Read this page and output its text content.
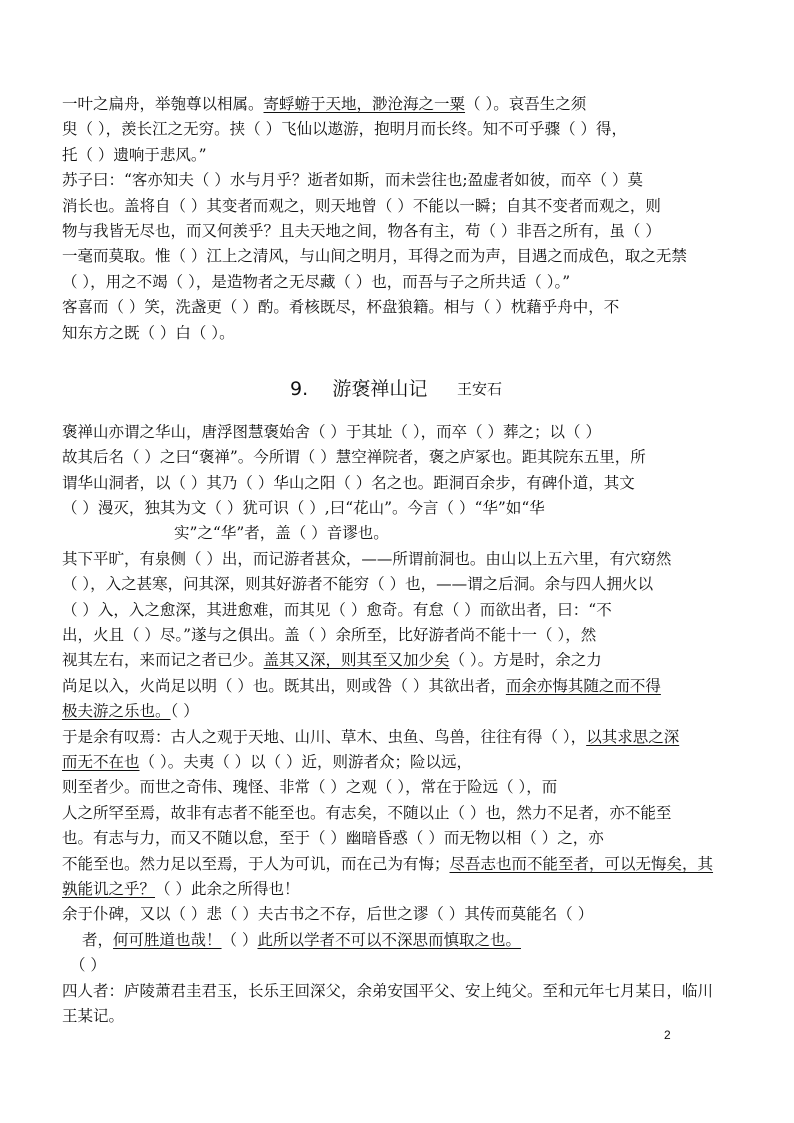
一叶之扁舟，举匏尊以相属。寄蜉蝣于天地，渺沧海之一粟（ ）。哀吾生之须
臾（ ），羡长江之无穷。挟（ ）飞仙以遨游，抱明月而长终。知不可乎骤（ ）得，
托（ ）遗响于悲风。”
苏子曰：“客亦知夫（ ）水与月乎？逝者如斯，而未尝往也;盈虚者如彼，而卒（ ）莫
消长也。盖将自（ ）其变者而观之，则天地曾（ ）不能以一瞬；自其不变者而观之，则
物与我皆无尽也，而又何羡乎？且夫天地之间，物各有主，苟（ ）非吾之所有，虽（ ）
一毫而莫取。惟（ ）江上之清风，与山间之明月，耳得之而为声，目遇之而成色，取之无禁
（ ），用之不竭（ ），是造物者之无尽藏（ ）也，而吾与子之所共适（ ）。”
客喜而（ ）笑，洗盏更（ ）酌。肴核既尽，杯盘狼籍。相与（ ）枕藉乎舟中，不
知东方之既（ ）白（ ）。
9. 游褒禅山记 王安石
褒禅山亦谓之华山，唐浮图慧褒始舍（ ）于其址（ ），而卒（ ）葬之；以（ ）
故其后名（ ）之曰“褒禅”。今所谓（ ）慧空禅院者，褒之庐冢也。距其院东五里，所
谓华山洞者，以（ ）其乃（ ）华山之阳（ ）名之也。距洞百余步，有碑仆道，其文
（ ）漫灭，独其为文（ ）犹可识（ ）,曰“花山”。今言（ ）“华”如“华
实”之“华”者，盖（ ）音谬也。
其下平旷，有泉侧（ ）出，而记游者甚众，——所谓前洞也。由山以上五六里，有穴窈然
（ ），入之甚寒，问其深，则其好游者不能穷（ ）也，——谓之后洞。余与四人拥火以
（ ）入，入之愈深，其进愈难，而其见（ ）愈奇。有怠（ ）而欲出者，曰：“不
出，火且（ ）尽。”遂与之俱出。盖（ ）余所至，比好游者尚不能十一（ ），然
视其左右，来而记之者已少。盖其又深，则其至又加少矣（ ）。方是时，余之力
尚足以入，火尚足以明（ ）也。既其出，则或咎（ ）其欲出者，而余亦悔其随之而不得
极夫游之乐也。（ ）
于是余有叹焉：古人之观于天地、山川、草木、虫鱼、鸟兽，往往有得（ ），以其求思之深
而无不在也（ ）。夫夷（ ）以（ ）近，则游者众；险以远，
则至者少。而世之奇伟、瑰怪、非常（ ）之观（ ），常在于险远（ ），而
人之所罕至焉，故非有志者不能至也。有志矣，不随以止（ ）也，然力不足者，亦不能至
也。有志与力，而又不随以怠，至于（ ）幽暗昏惑（ ）而无物以相（ ）之，亦
不能至也。然力足以至焉，于人为可讥，而在己为有悔；尽吾志也而不能至者，可以无悔矣，其
孰能讥之乎？（ ）此余之所得也！
余于仆碑，又以（ ）悲（ ）夫古书之不存，后世之谬（ ）其传而莫能名（ ）
者，何可胜道也哉！（ ）此所以学者不可以不深思而慎取之也。
（ ）
四人者：庐陵萧君圭君玉，长乐王回深父，余弟安国平父、安上纯父。至和元年七月某日，临川
王某记。
2
